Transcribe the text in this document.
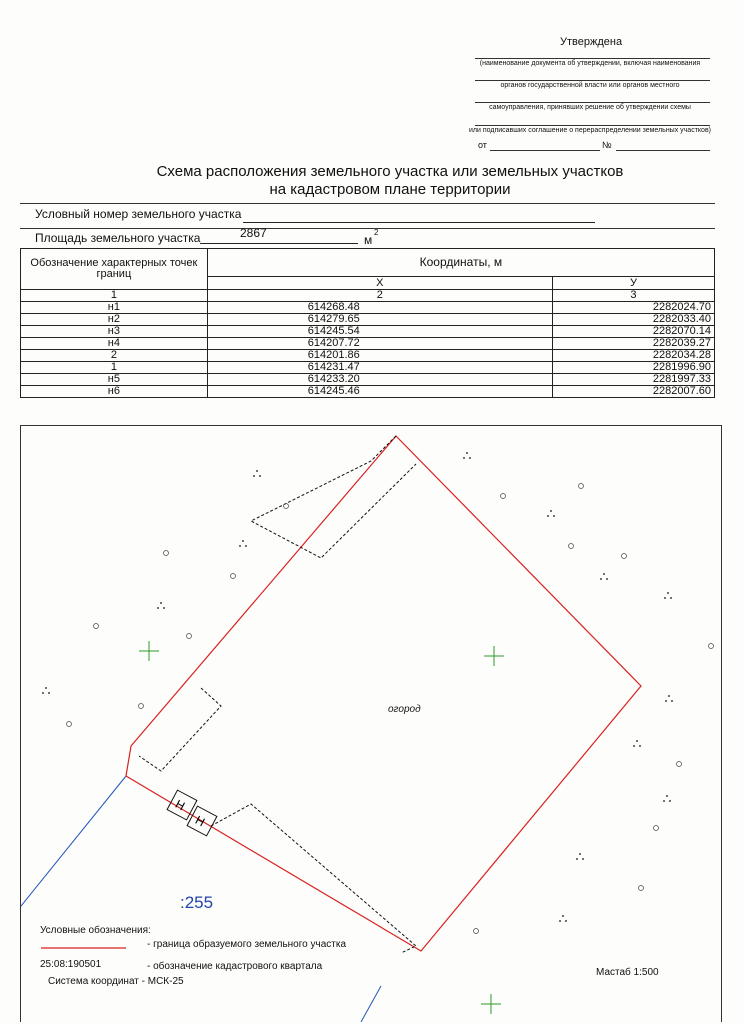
Утверждена
(наименование документа об утверждении, включая наименования
органов государственной власти или органов местного
самоуправления, принявших решение об утверждении схемы
или подписавших соглашение о перераспределении земельных участков)
от	№
Схема расположения земельного участка или земельных участков
на кадастровом плане территории
Условный номер земельного участка
Площадь земельного участка	2867	м
2
Обозначение характерных точек границ	Координаты, м	
	X	У
1	2	3
н1	614268.48	2282024.70
н2	614279.65	2282033.40
н3	614245.54	2282070.14
н4	614207.72	2282039.27
2	614201.86	2282034.28
1	614231.47	2281996.90
н5	614233.20	2281997.33
н6	614245.46	2282007.60
Н
Н
огород
:255
Условные обозначения:
- граница образуемого земельного участка
25:08:190501	- обозначение кадастрового квартала
Система координат - МСК-25
Мастаб 1:500
